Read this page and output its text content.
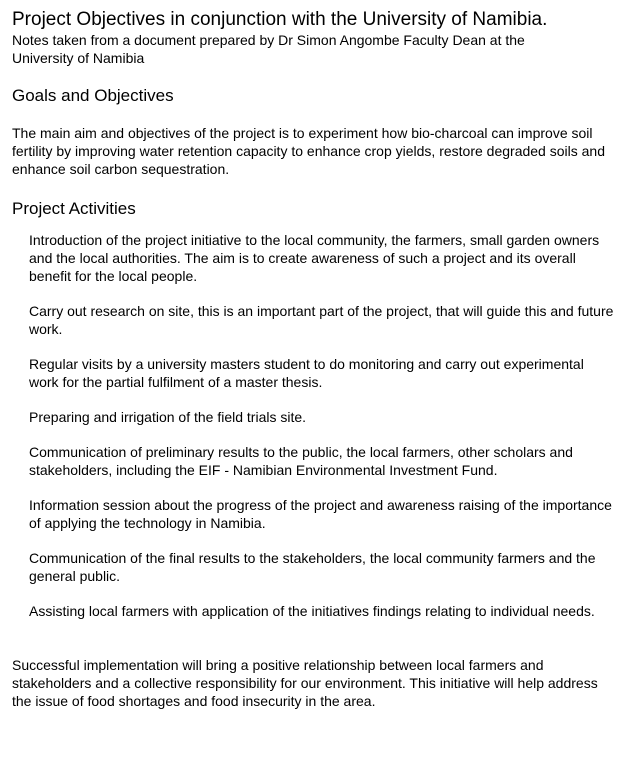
Project Objectives in conjunction with the University of Namibia.

Notes taken from a document prepared by Dr Simon Angombe Faculty Dean at the University of Namibia

Goals and Objectives

The main aim and objectives of the project is to experiment how bio-charcoal can improve soil fertility by improving water retention capacity to enhance crop yields, restore degraded soils and enhance soil carbon sequestration.

Project Activities
Introduction of the project initiative to the local community, the farmers, small garden owners and the local authorities. The aim is to create awareness of such a project and its overall benefit for the local people.
Carry out research on site, this is an important part of the project, that will guide this and future work.
Regular visits by a university masters student to do monitoring and carry out experimental work for the partial fulfilment of a master thesis.
Preparing and irrigation of the field trials site.
Communication of preliminary results to the public, the local farmers, other scholars and stakeholders, including the EIF - Namibian Environmental Investment Fund.
Information session about the progress of the project and awareness raising of the importance of applying the technology in Namibia.
Communication of the final results to the stakeholders, the local community farmers and the general public.
Assisting local farmers with application of the initiatives findings relating to individual needs.

Successful implementation will bring a positive relationship between local farmers and stakeholders and a collective responsibility for our environment. This initiative will help address the issue of food shortages and food insecurity in the area.
